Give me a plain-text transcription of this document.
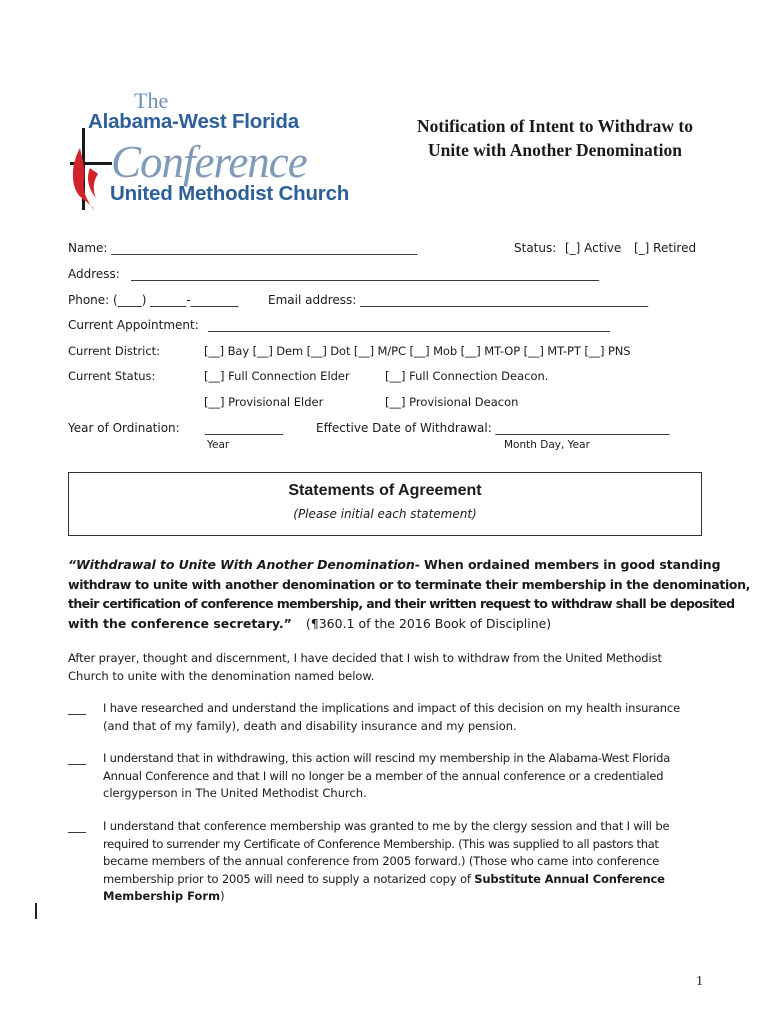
The
Alabama-West Florida
Conference
United Methodist Church
Notification of Intent to Withdraw to
Unite with Another Denomination
Name: ___________________________________________________	Status: [_] Active [_] Retired
Address: ______________________________________________________________________________
Phone: (____) ______-________ Email address: ________________________________________________
Current Appointment: ___________________________________________________________________
Current District:	[__] Bay [__] Dem [__] Dot [__] M/PC [__] Mob [__] MT-OP [__] MT-PT [__] PNS
Current Status:	[__] Full Connection Elder	[__] Full Connection Deacon.
[__] Provisional Elder	[__] Provisional Deacon
Year of Ordination: _____________	Effective Date of Withdrawal: _____________________________
Year	Month Day, Year
Statements of Agreement
(Please initial each statement)
“Withdrawal to Unite With Another Denomination- When ordained members in good standing
withdraw to unite with another denomination or to terminate their membership in the denomination,
their certification of conference membership, and their written request to withdraw shall be deposited
with the conference secretary.” (¶360.1 of the 2016 Book of Discipline)
After prayer, thought and discernment, I have decided that I wish to withdraw from the United Methodist
Church to unite with the denomination named below.
___ I have researched and understand the implications and impact of this decision on my health insurance
(and that of my family), death and disability insurance and my pension.
___ I understand that in withdrawing, this action will rescind my membership in the Alabama-West Florida
Annual Conference and that I will no longer be a member of the annual conference or a credentialed
clergyperson in The United Methodist Church.
___ I understand that conference membership was granted to me by the clergy session and that I will be
required to surrender my Certificate of Conference Membership. (This was supplied to all pastors that
became members of the annual conference from 2005 forward.) (Those who came into conference
membership prior to 2005 will need to supply a notarized copy of Substitute Annual Conference
Membership Form)
1
